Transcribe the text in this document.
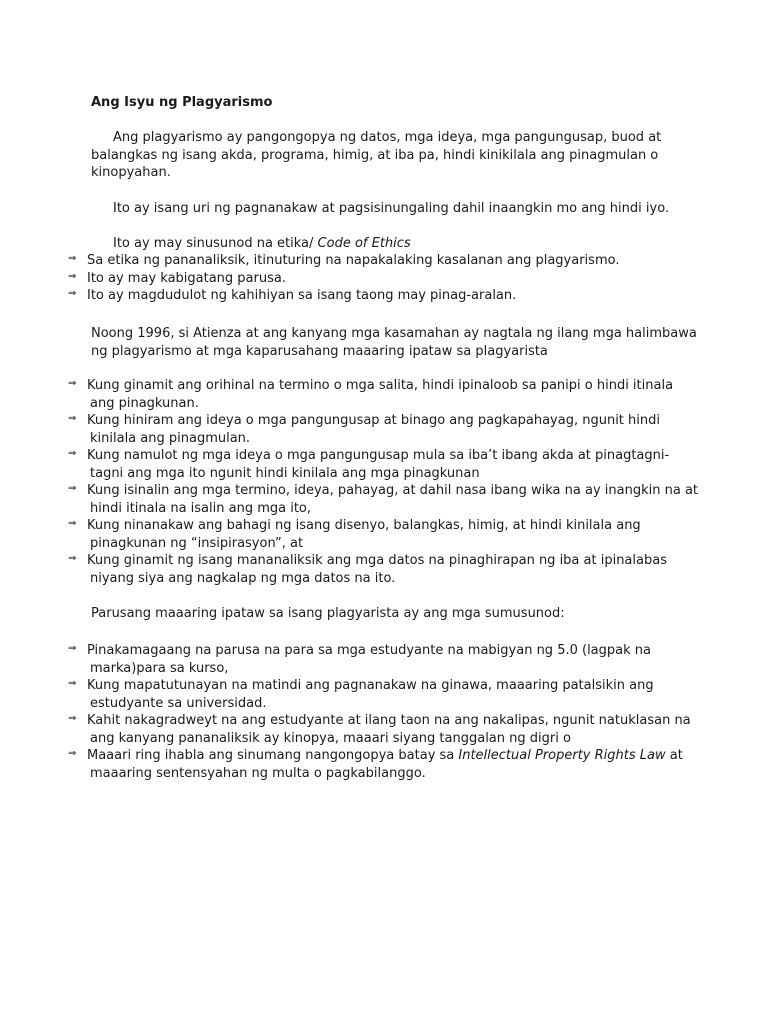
Ang Isyu ng Plagyarismo
Ang plagyarismo ay pangongopya ng datos, mga ideya, mga pangungusap, buod at
balangkas ng isang akda, programa, himig, at iba pa, hindi kinikilala ang pinagmulan o
kinopyahan.
Ito ay isang uri ng pagnanakaw at pagsisinungaling dahil inaangkin mo ang hindi iyo.
Ito ay may sinusunod na etika/ Code of Ethics
⇒ Sa etika ng pananaliksik, itinuturing na napakalaking kasalanan ang plagyarismo.
⇒ Ito ay may kabigatang parusa.
⇒ Ito ay magdudulot ng kahihiyan sa isang taong may pinag-aralan.
Noong 1996, si Atienza at ang kanyang mga kasamahan ay nagtala ng ilang mga halimbawa
ng plagyarismo at mga kaparusahang maaaring ipataw sa plagyarista
⇒ Kung ginamit ang orihinal na termino o mga salita, hindi ipinaloob sa panipi o hindi itinala
ang pinagkunan.
⇒ Kung hiniram ang ideya o mga pangungusap at binago ang pagkapahayag, ngunit hindi
kinilala ang pinagmulan.
⇒ Kung namulot ng mga ideya o mga pangungusap mula sa iba’t ibang akda at pinagtagni-
tagni ang mga ito ngunit hindi kinilala ang mga pinagkunan
⇒ Kung isinalin ang mga termino, ideya, pahayag, at dahil nasa ibang wika na ay inangkin na at
hindi itinala na isalin ang mga ito,
⇒ Kung ninanakaw ang bahagi ng isang disenyo, balangkas, himig, at hindi kinilala ang
pinagkunan ng “insipirasyon”, at
⇒ Kung ginamit ng isang mananaliksik ang mga datos na pinaghirapan ng iba at ipinalabas
niyang siya ang nagkalap ng mga datos na ito.
Parusang maaaring ipataw sa isang plagyarista ay ang mga sumusunod:
⇒ Pinakamagaang na parusa na para sa mga estudyante na mabigyan ng 5.0 (lagpak na
marka)para sa kurso,
⇒ Kung mapatutunayan na matindi ang pagnanakaw na ginawa, maaaring patalsikin ang
estudyante sa universidad.
⇒ Kahit nakagradweyt na ang estudyante at ilang taon na ang nakalipas, ngunit natuklasan na
ang kanyang pananaliksik ay kinopya, maaari siyang tanggalan ng digri o
⇒ Maaari ring ihabla ang sinumang nangongopya batay sa Intellectual Property Rights Law at
maaaring sentensyahan ng multa o pagkabilanggo.
